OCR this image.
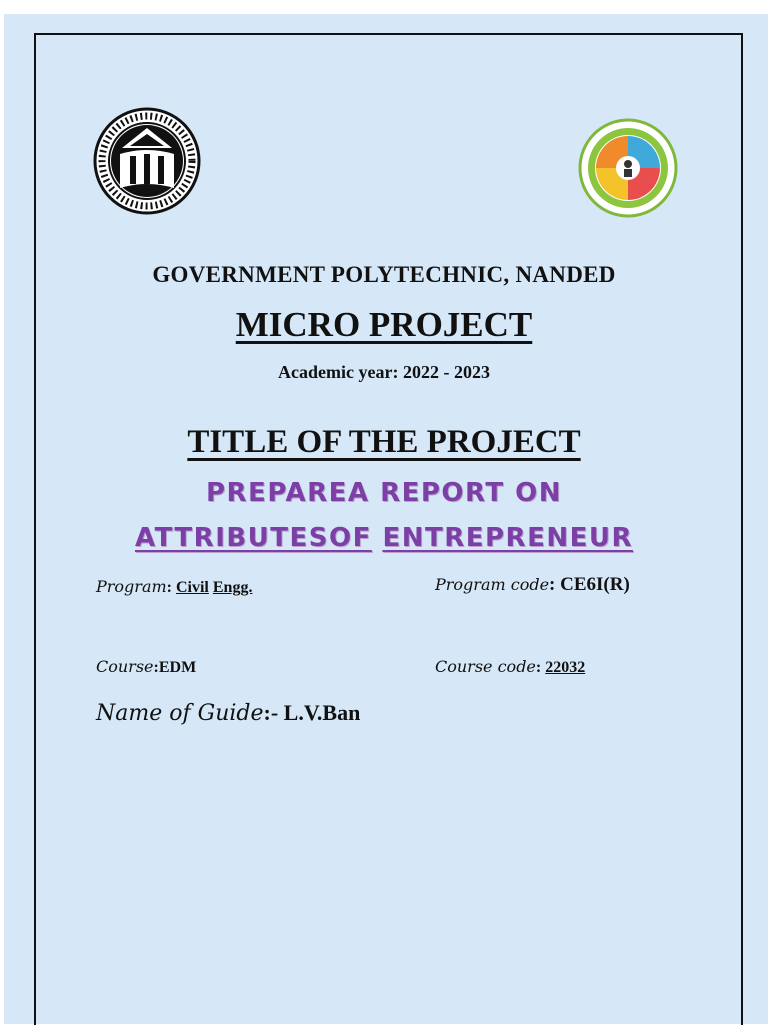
GOVERNMENT POLYTECHNIC, NANDED
MICRO PROJECT
Academic year: 2022 - 2023
TITLE OF THE PROJECT
PREPAREA REPORT ON
ATTRIBUTESOF ENTREPRENEUR
Program: Civil Engg.	Program code: CE6I(R)
Course:EDM	Course code: 22032
Name of Guide:- L.V.Ban
